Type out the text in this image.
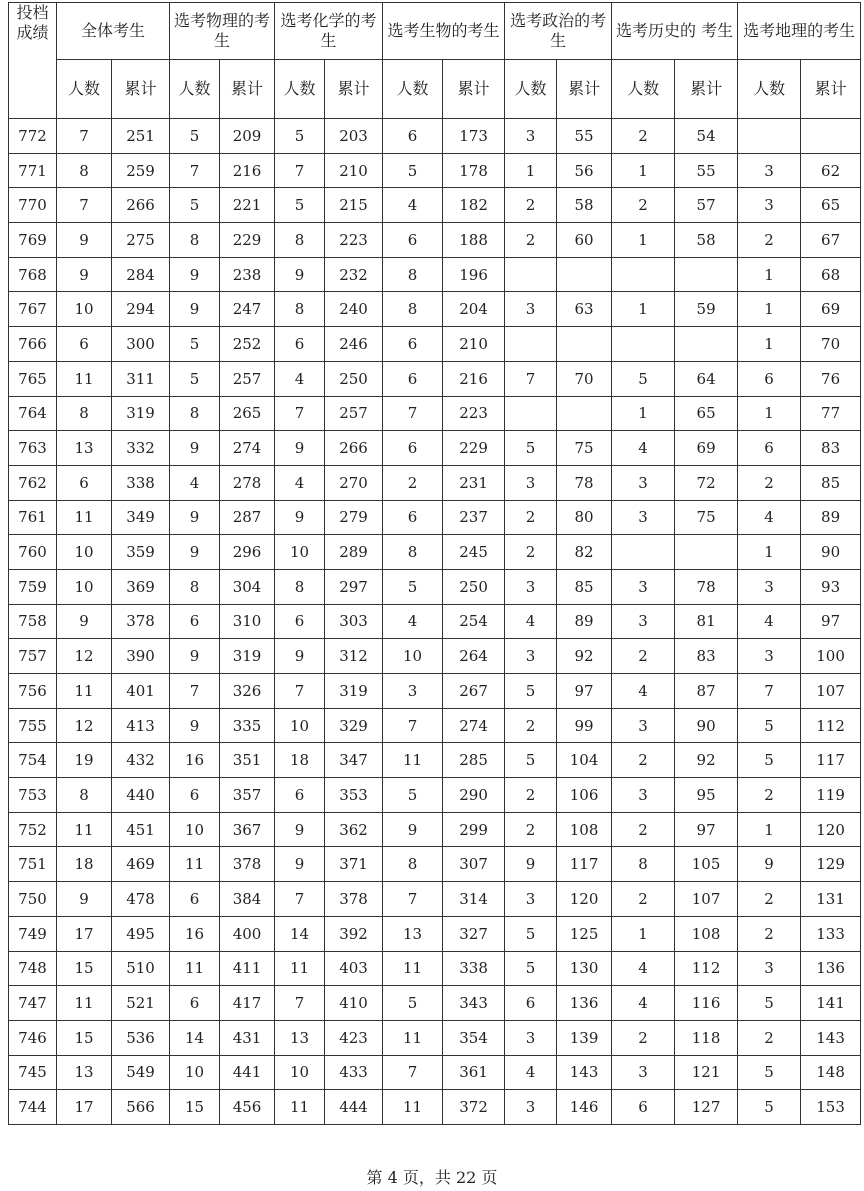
投档成绩	全体考生		选考物理的考生		选考化学的考生		选考生物的考生		选考政治的考生		选考历史的 考生		选考地理的考生	
	人数	累计	人数	累计	人数	累计	人数	累计	人数	累计	人数	累计	人数	累计
772	7	251	5	209	5	203	6	173	3	55	2	54		
771	8	259	7	216	7	210	5	178	1	56	1	55	3	62
770	7	266	5	221	5	215	4	182	2	58	2	57	3	65
769	9	275	8	229	8	223	6	188	2	60	1	58	2	67
768	9	284	9	238	9	232	8	196					1	68
767	10	294	9	247	8	240	8	204	3	63	1	59	1	69
766	6	300	5	252	6	246	6	210					1	70
765	11	311	5	257	4	250	6	216	7	70	5	64	6	76
764	8	319	8	265	7	257	7	223			1	65	1	77
763	13	332	9	274	9	266	6	229	5	75	4	69	6	83
762	6	338	4	278	4	270	2	231	3	78	3	72	2	85
761	11	349	9	287	9	279	6	237	2	80	3	75	4	89
760	10	359	9	296	10	289	8	245	2	82			1	90
759	10	369	8	304	8	297	5	250	3	85	3	78	3	93
758	9	378	6	310	6	303	4	254	4	89	3	81	4	97
757	12	390	9	319	9	312	10	264	3	92	2	83	3	100
756	11	401	7	326	7	319	3	267	5	97	4	87	7	107
755	12	413	9	335	10	329	7	274	2	99	3	90	5	112
754	19	432	16	351	18	347	11	285	5	104	2	92	5	117
753	8	440	6	357	6	353	5	290	2	106	3	95	2	119
752	11	451	10	367	9	362	9	299	2	108	2	97	1	120
751	18	469	11	378	9	371	8	307	9	117	8	105	9	129
750	9	478	6	384	7	378	7	314	3	120	2	107	2	131
749	17	495	16	400	14	392	13	327	5	125	1	108	2	133
748	15	510	11	411	11	403	11	338	5	130	4	112	3	136
747	11	521	6	417	7	410	5	343	6	136	4	116	5	141
746	15	536	14	431	13	423	11	354	3	139	2	118	2	143
745	13	549	10	441	10	433	7	361	4	143	3	121	5	148
744	17	566	15	456	11	444	11	372	3	146	6	127	5	153
第 4 页，共 22 页
